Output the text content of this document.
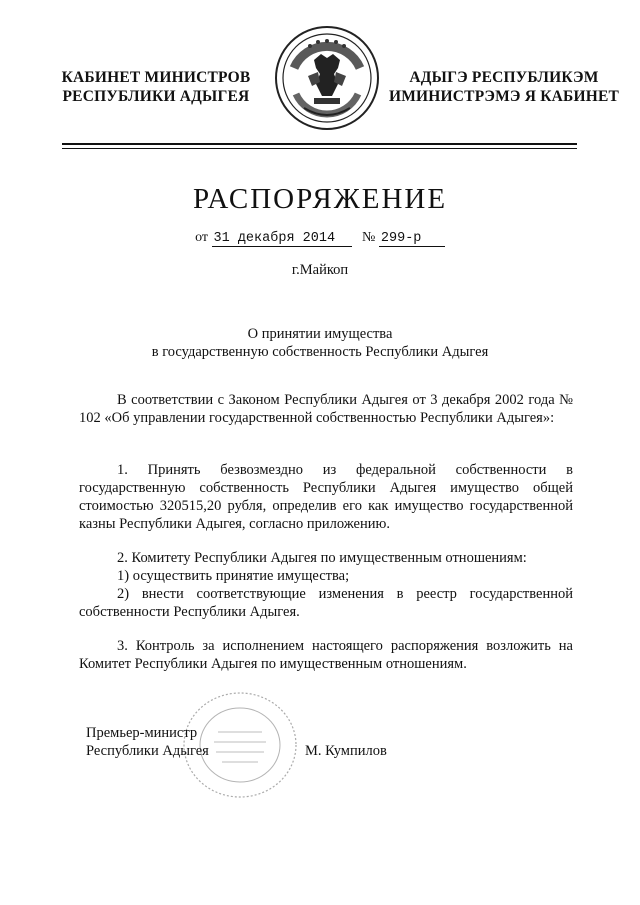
КАБИНЕТ МИНИСТРОВ
РЕСПУБЛИКИ АДЫГЕЯ
АДЫГЭ РЕСПУБЛИКЭМ
ИМИНИСТРЭМЭ Я КАБИНЕТ
РАСПОРЯЖЕНИЕ
от 31 декабря 2014 № 299-р
г.Майкоп
О принятии имущества
в государственную собственность Республики Адыгея
В соответствии с Законом Республики Адыгея от 3 декабря 2002 года № 102 «Об управлении государственной собственностью Республики Адыгея»:
1. Принять безвозмездно из федеральной собственности в государственную собственность Республики Адыгея имущество общей стоимостью 320515,20 рубля, определив его как имущество государственной казны Республики Адыгея, согласно приложению.
2. Комитету Республики Адыгея по имущественным отношениям:
1) осуществить принятие имущества;
2) внести соответствующие изменения в реестр государственной собственности Республики Адыгея.
3. Контроль за исполнением настоящего распоряжения возложить на Комитет Республики Адыгея по имущественным отношениям.
Премьер-министр
Республики Адыгея	М. Кумпилов
